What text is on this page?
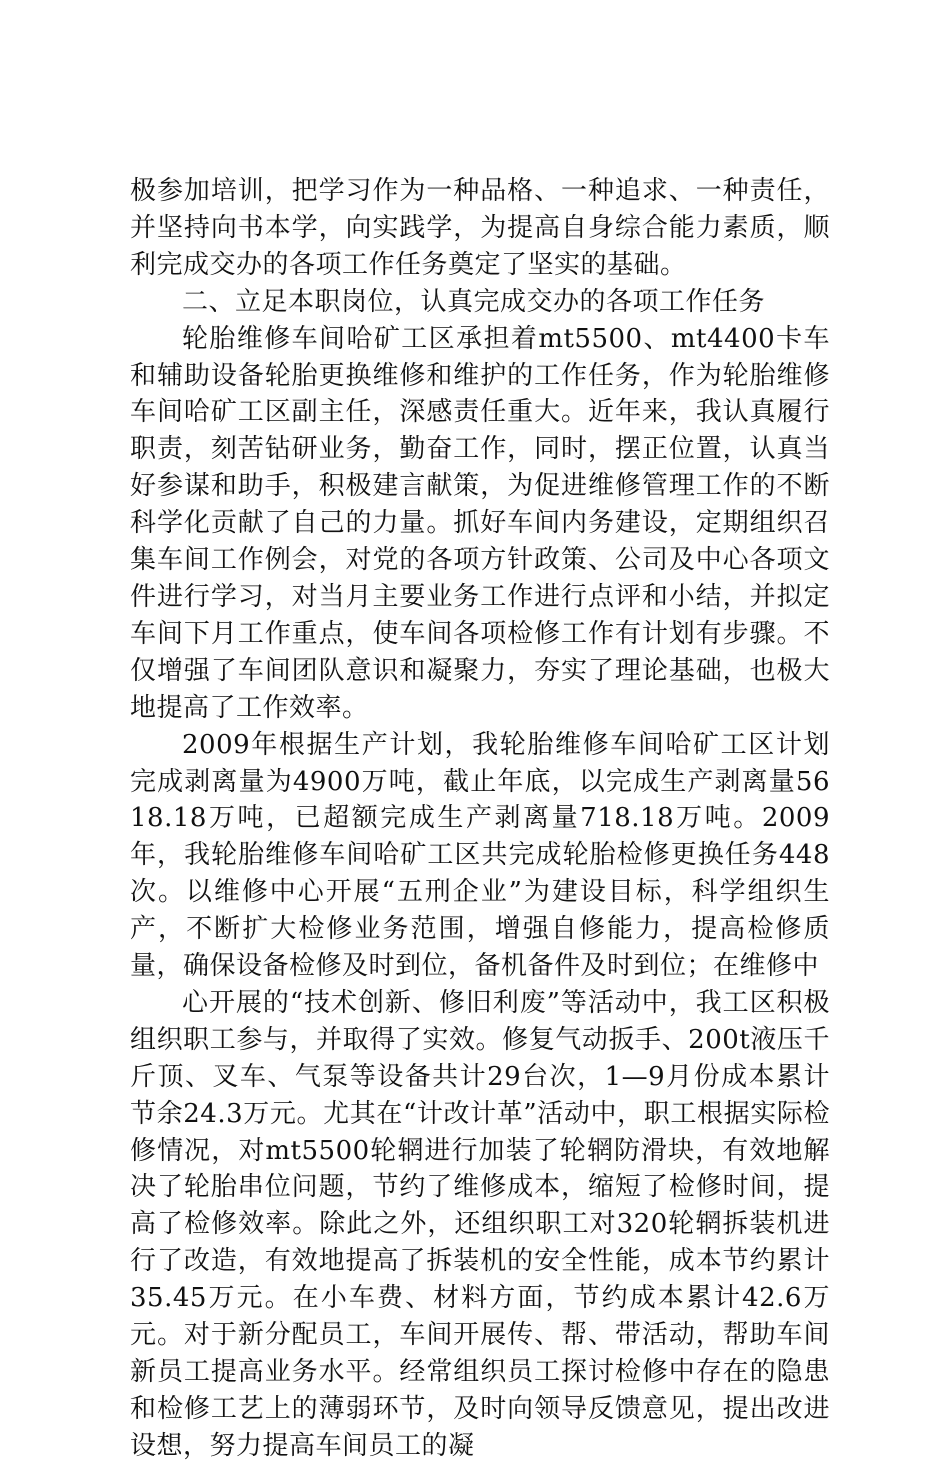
极参加培训，把学习作为一种品格、一种追求、一种责任，并坚持向书本学，向实践学，为提高自身综合能力素质，顺利完成交办的各项工作任务奠定了坚实的基础。

二、立足本职岗位，认真完成交办的各项工作任务

轮胎维修车间哈矿工区承担着mt5500、mt4400卡车和辅助设备轮胎更换维修和维护的工作任务，作为轮胎维修车间哈矿工区副主任，深感责任重大。近年来，我认真履行职责，刻苦钻研业务，勤奋工作，同时，摆正位置，认真当好参谋和助手，积极建言献策，为促进维修管理工作的不断科学化贡献了自己的力量。抓好车间内务建设，定期组织召集车间工作例会，对党的各项方针政策、公司及中心各项文件进行学习，对当月主要业务工作进行点评和小结，并拟定车间下月工作重点，使车间各项检修工作有计划有步骤。不仅增强了车间团队意识和凝聚力，夯实了理论基础，也极大地提高了工作效率。

2009年根据生产计划，我轮胎维修车间哈矿工区计划完成剥离量为4900万吨，截止年底，以完成生产剥离量5618.18万吨，已超额完成生产剥离量718.18万吨。2009年，我轮胎维修车间哈矿工区共完成轮胎检修更换任务448次。以维修中心开展“五刑企业”为建设目标，科学组织生产，不断扩大检修业务范围，增强自修能力，提高检修质量，确保设备检修及时到位，备机备件及时到位；在维修中

心开展的“技术创新、修旧利废”等活动中，我工区积极组织职工参与，并取得了实效。修复气动扳手、200t液压千斤顶、叉车、气泵等设备共计29台次，1—9月份成本累计节余24.3万元。尤其在“计改计革”活动中，职工根据实际检修情况，对mt5500轮辋进行加装了轮辋防滑块，有效地解决了轮胎串位问题，节约了维修成本，缩短了检修时间，提高了检修效率。除此之外，还组织职工对320轮辋拆装机进行了改造，有效地提高了拆装机的安全性能，成本节约累计35.45万元。在小车费、材料方面，节约成本累计42.6万元。对于新分配员工，车间开展传、帮、带活动，帮助车间新员工提高业务水平。经常组织员工探讨检修中存在的隐患和检修工艺上的薄弱环节，及时向领导反馈意见，提出改进设想，努力提高车间员工的凝
